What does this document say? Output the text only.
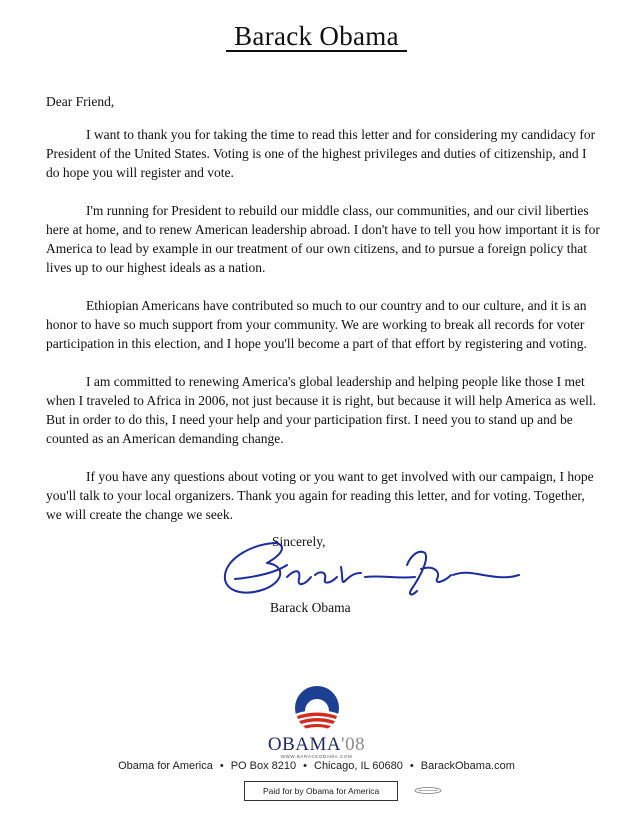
Barack Obama

Dear Friend,

I want to thank you for taking the time to read this letter and for considering my candidacy for President of the United States. Voting is one of the highest privileges and duties of citizenship, and I do hope you will register and vote.

I'm running for President to rebuild our middle class, our communities, and our civil liberties here at home, and to renew American leadership abroad. I don't have to tell you how important it is for America to lead by example in our treatment of our own citizens, and to pursue a foreign policy that lives up to our highest ideals as a nation.

Ethiopian Americans have contributed so much to our country and to our culture, and it is an honor to have so much support from your community. We are working to break all records for voter participation in this election, and I hope you'll become a part of that effort by registering and voting.

I am committed to renewing America's global leadership and helping people like those I met when I traveled to Africa in 2006, not just because it is right, but because it will help America as well. But in order to do this, I need your help and your participation first. I need you to stand up and be counted as an American demanding change.

If you have any questions about voting or you want to get involved with our campaign, I hope you'll talk to your local organizers. Thank you again for reading this letter, and for voting. Together, we will create the change we seek.

Sincerely,
Barack Obama
OBAMA'08
WWW.BARACKOBAMA.COM
Obama for America • PO Box 8210 • Chicago, IL 60680 • BarackObama.com
Paid for by Obama for America
